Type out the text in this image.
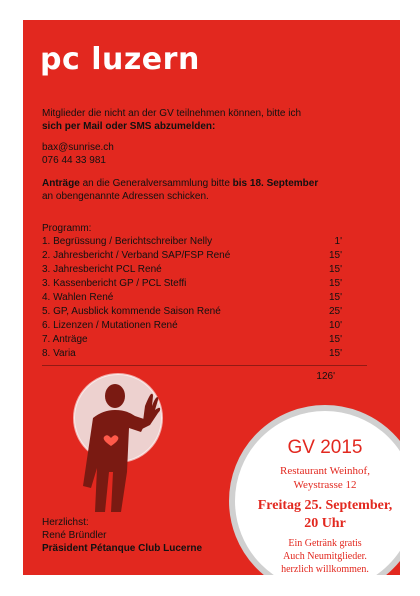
pc luzern
Mitglieder die nicht an der GV teilnehmen können, bitte ich
sich per Mail oder SMS abzumelden:
bax@sunrise.ch
076 44 33 981
Anträge an die Generalversammlung bitte bis 18. September
an obengenannte Adressen schicken.
Programm:
1. Begrüssung / Berichtschreiber Nelly	1'
2. Jahresbericht / Verband SAP/FSP René	15'
3. Jahresbericht PCL René	15'
3. Kassenbericht GP / PCL Steffi	15'
4. Wahlen René	15'
5. GP, Ausblick kommende Saison René	25'
6. Lizenzen / Mutationen René	10'
7. Anträge	15'
8. Varia	15'
126'
Herzlichst:
René Bründler
Präsident Pétanque Club Lucerne
GV 2015
Restaurant Weinhof,
Weystrasse 12
Freitag 25. September,
20 Uhr
Ein Getränk gratis
Auch Neumitglieder.
herzlich willkommen.
